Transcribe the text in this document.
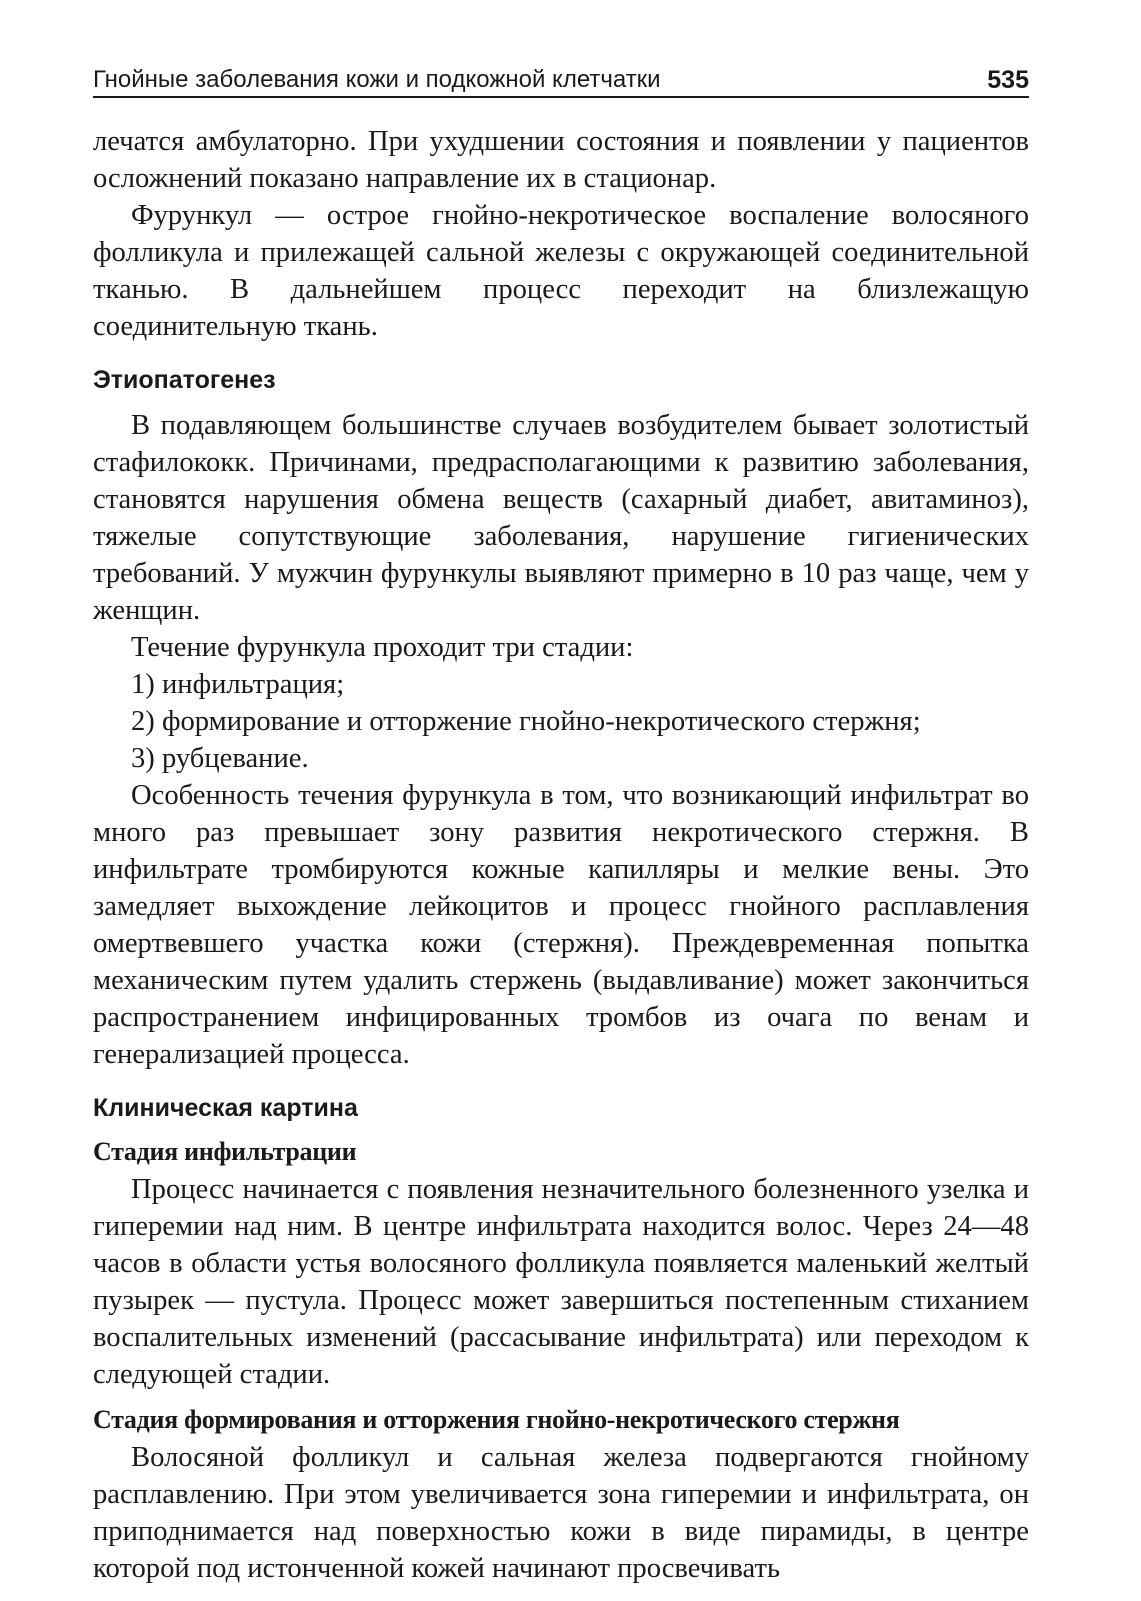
Гнойные заболевания кожи и подкожной клетчатки	535

лечатся амбулаторно. При ухудшении состояния и появлении у пациентов осложнений показано направление их в стационар.

Фурункул — острое гнойно-некротическое воспаление волосяного фолликула и прилежащей сальной железы с окружающей соединительной тканью. В дальнейшем процесс переходит на близлежащую соединительную ткань.

Этиопатогенез

В подавляющем большинстве случаев возбудителем бывает золотистый стафилококк. Причинами, предрасполагающими к развитию заболевания, становятся нарушения обмена веществ (сахарный диабет, авитаминоз), тяжелые сопутствующие заболевания, нарушение гигиенических требований. У мужчин фурункулы выявляют примерно в 10 раз чаще, чем у женщин.

Течение фурункула проходит три стадии:

1) инфильтрация;

2) формирование и отторжение гнойно-некротического стержня;

3) рубцевание.

Особенность течения фурункула в том, что возникающий инфильтрат во много раз превышает зону развития некротического стержня. В инфильтрате тромбируются кожные капилляры и мелкие вены. Это замедляет выхождение лейкоцитов и процесс гнойного расплавления омертвевшего участка кожи (стержня). Преждевременная попытка механическим путем удалить стержень (выдавливание) может закончиться распространением инфицированных тромбов из очага по венам и генерализацией процесса.

Клиническая картина
Стадия инфильтрации

Процесс начинается с появления незначительного болезненного узелка и гиперемии над ним. В центре инфильтрата находится волос. Через 24—48 часов в области устья волосяного фолликула появляется маленький желтый пузырек — пустула. Процесс может завершиться постепенным стиханием воспалительных изменений (рассасывание инфильтрата) или переходом к следующей стадии.

Стадия формирования и отторжения гнойно-некротического стержня

Волосяной фолликул и сальная железа подвергаются гнойному расплавлению. При этом увеличивается зона гиперемии и инфильтрата, он приподнимается над поверхностью кожи в виде пирамиды, в центре которой под истонченной кожей начинают просвечивать
